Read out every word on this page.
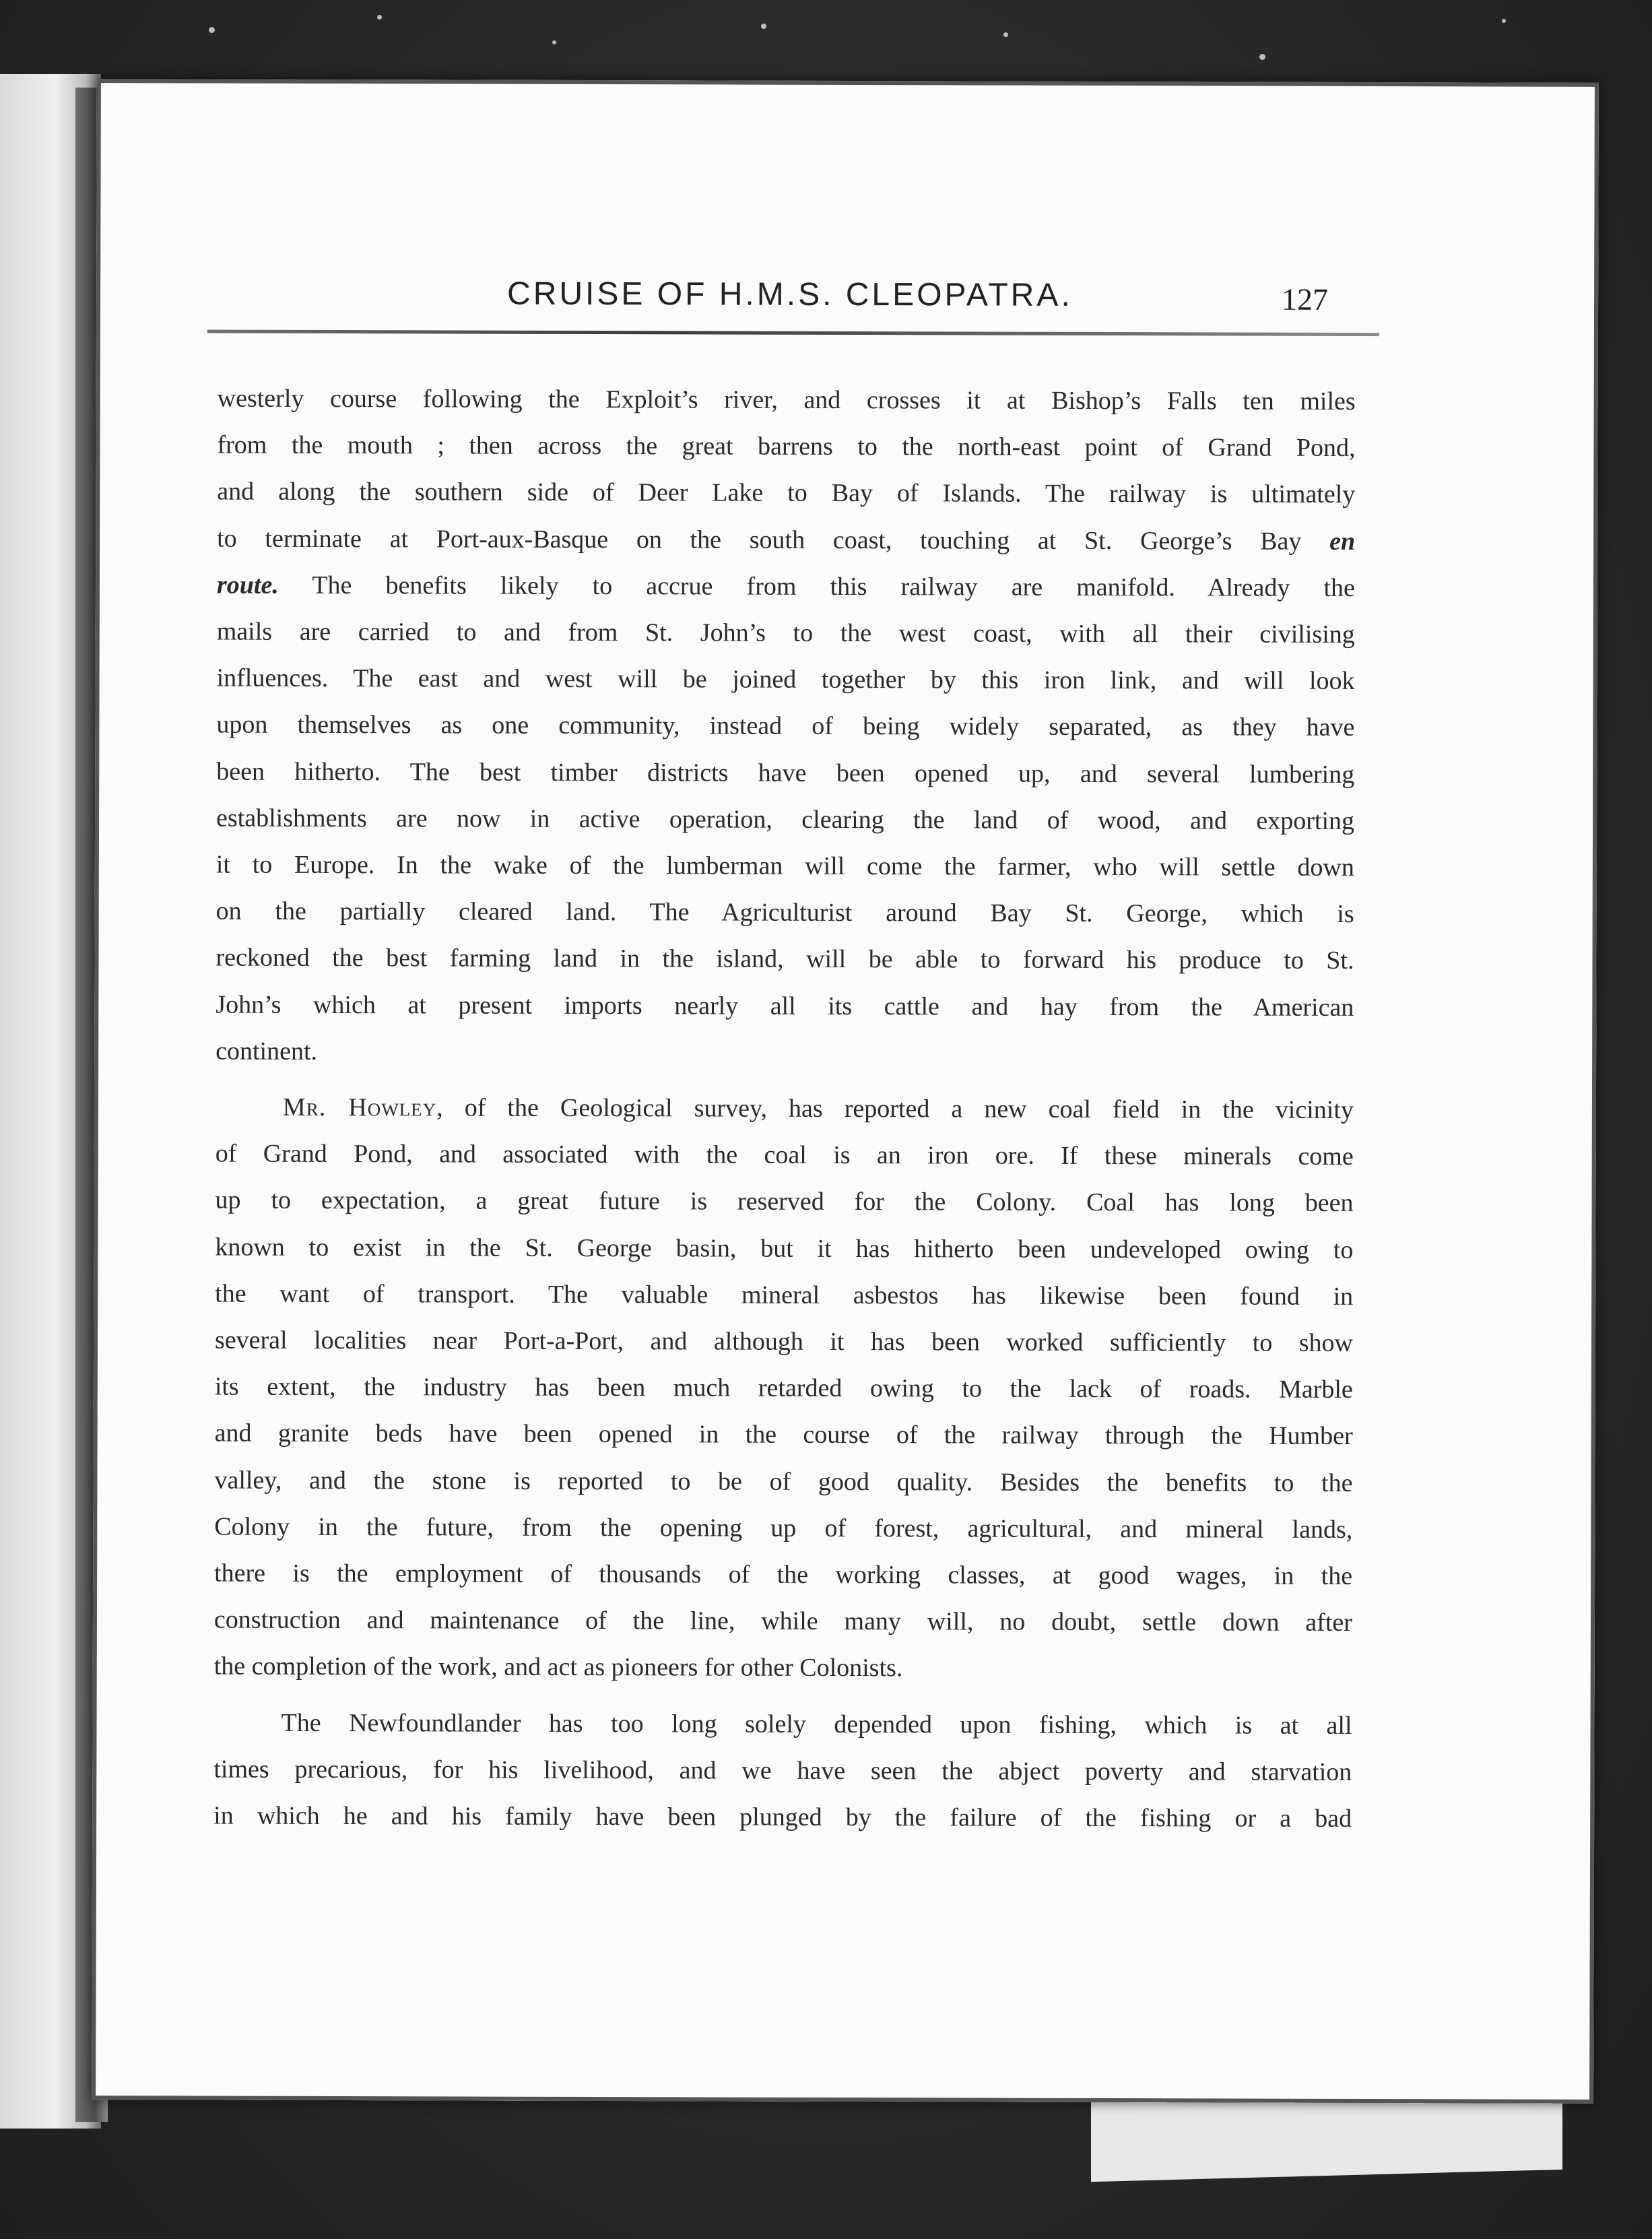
CRUISE OF H.M.S. CLEOPATRA.	127
westerly course following the Exploit’s river, and crosses it at Bishop’s Falls ten miles
from the mouth ; then across the great barrens to the north-east point of Grand Pond,
and along the southern side of Deer Lake to Bay of Islands. The railway is ultimately
to terminate at Port-aux-Basque on the south coast, touching at St. George’s Bay en
route. The benefits likely to accrue from this railway are manifold. Already the
mails are carried to and from St. John’s to the west coast, with all their civilising
influences. The east and west will be joined together by this iron link, and will look
upon themselves as one community, instead of being widely separated, as they have
been hitherto. The best timber districts have been opened up, and several lumbering
establishments are now in active operation, clearing the land of wood, and exporting
it to Europe. In the wake of the lumberman will come the farmer, who will settle down
on the partially cleared land. The Agriculturist around Bay St. George, which is
reckoned the best farming land in the island, will be able to forward his produce to St.
John’s which at present imports nearly all its cattle and hay from the American
continent.
Mr. Howley, of the Geological survey, has reported a new coal field in the vicinity
of Grand Pond, and associated with the coal is an iron ore. If these minerals come
up to expectation, a great future is reserved for the Colony. Coal has long been
known to exist in the St. George basin, but it has hitherto been undeveloped owing to
the want of transport. The valuable mineral asbestos has likewise been found in
several localities near Port-a-Port, and although it has been worked sufficiently to show
its extent, the industry has been much retarded owing to the lack of roads. Marble
and granite beds have been opened in the course of the railway through the Humber
valley, and the stone is reported to be of good quality. Besides the benefits to the
Colony in the future, from the opening up of forest, agricultural, and mineral lands,
there is the employment of thousands of the working classes, at good wages, in the
construction and maintenance of the line, while many will, no doubt, settle down after
the completion of the work, and act as pioneers for other Colonists.
The Newfoundlander has too long solely depended upon fishing, which is at all
times precarious, for his livelihood, and we have seen the abject poverty and starvation
in which he and his family have been plunged by the failure of the fishing or a bad
